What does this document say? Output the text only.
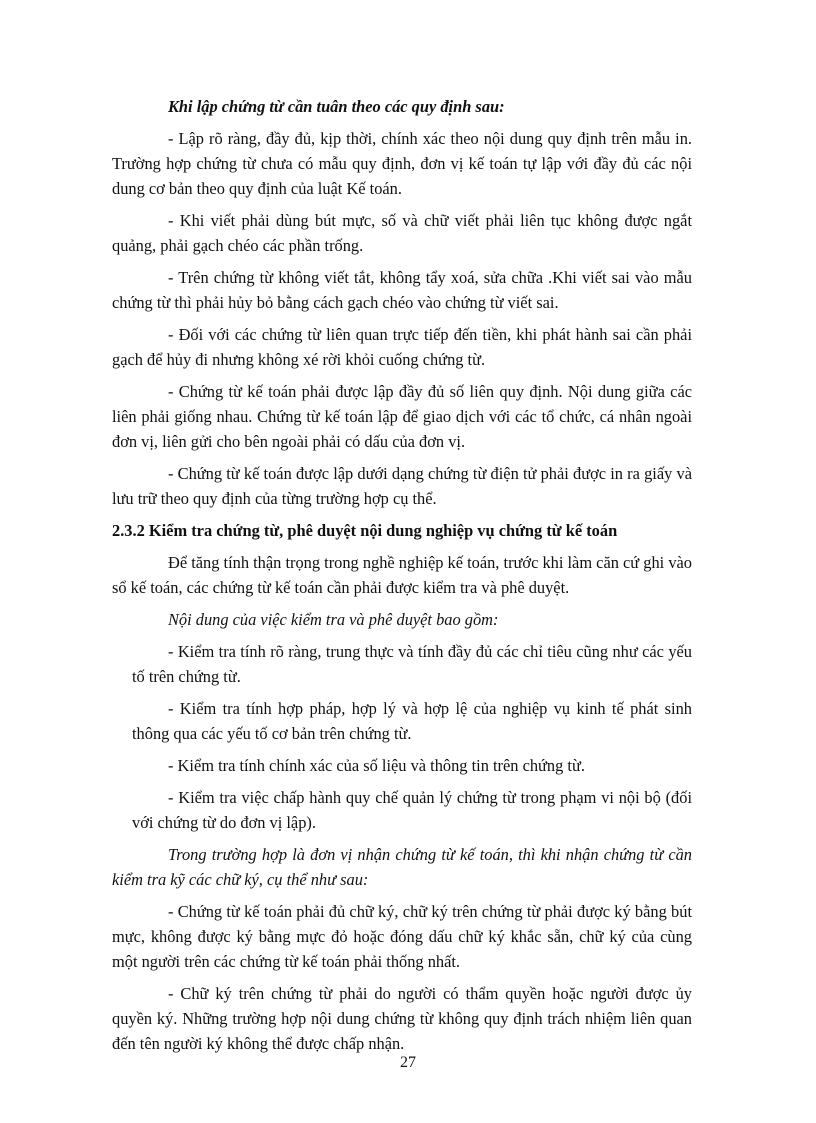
Khi lập chứng từ cần tuân theo các quy định sau:

- Lập rõ ràng, đầy đủ, kịp thời, chính xác theo nội dung quy định trên mẫu in. Trường hợp chứng từ chưa có mẫu quy định, đơn vị kế toán tự lập với đầy đủ các nội dung cơ bản theo quy định của luật Kế toán.

- Khi viết phải dùng bút mực, số và chữ viết phải liên tục không được ngắt quảng, phải gạch chéo các phần trống.

- Trên chứng từ không viết tắt, không tẩy xoá, sửa chữa .Khi viết sai vào mẫu chứng từ thì phải hủy bỏ bằng cách gạch chéo vào chứng từ viết sai.

- Đối với các chứng từ liên quan trực tiếp đến tiền, khi phát hành sai cần phải gạch để hủy đi nhưng không xé rời khỏi cuống chứng từ.

- Chứng từ kế toán phải được lập đầy đủ số liên quy định. Nội dung giữa các liên phải giống nhau. Chứng từ kế toán lập để giao dịch với các tổ chức, cá nhân ngoài đơn vị, liên gửi cho bên ngoài phải có dấu của đơn vị.

- Chứng từ kế toán được lập dưới dạng chứng từ điện tử phải được in ra giấy và lưu trữ theo quy định của từng trường hợp cụ thể.

2.3.2 Kiểm tra chứng từ, phê duyệt nội dung nghiệp vụ chứng từ kế toán

Để tăng tính thận trọng trong nghề nghiệp kế toán, trước khi làm căn cứ ghi vào sổ kế toán, các chứng từ kế toán cần phải được kiểm tra và phê duyệt.

Nội dung của việc kiểm tra và phê duyệt bao gồm:

- Kiểm tra tính rõ ràng, trung thực và tính đầy đủ các chỉ tiêu cũng như các yếu tố trên chứng từ.

- Kiểm tra tính hợp pháp, hợp lý và hợp lệ của nghiệp vụ kinh tế phát sinh thông qua các yếu tố cơ bản trên chứng từ.

- Kiểm tra tính chính xác của số liệu và thông tin trên chứng từ.

- Kiểm tra việc chấp hành quy chế quản lý chứng từ trong phạm vi nội bộ (đối với chứng từ do đơn vị lập).

Trong trường hợp là đơn vị nhận chứng từ kế toán, thì khi nhận chứng từ cần kiểm tra kỹ các chữ ký, cụ thể như sau:

- Chứng từ kế toán phải đủ chữ ký, chữ ký trên chứng từ phải được ký bằng bút mực, không được ký bằng mực đỏ hoặc đóng dấu chữ ký khắc sẵn, chữ ký của cùng một người trên các chứng từ kế toán phải thống nhất.

- Chữ ký trên chứng từ phải do người có thẩm quyền hoặc người được ủy quyền ký. Những trường hợp nội dung chứng từ không quy định trách nhiệm liên quan đến tên người ký không thể được chấp nhận.

27
